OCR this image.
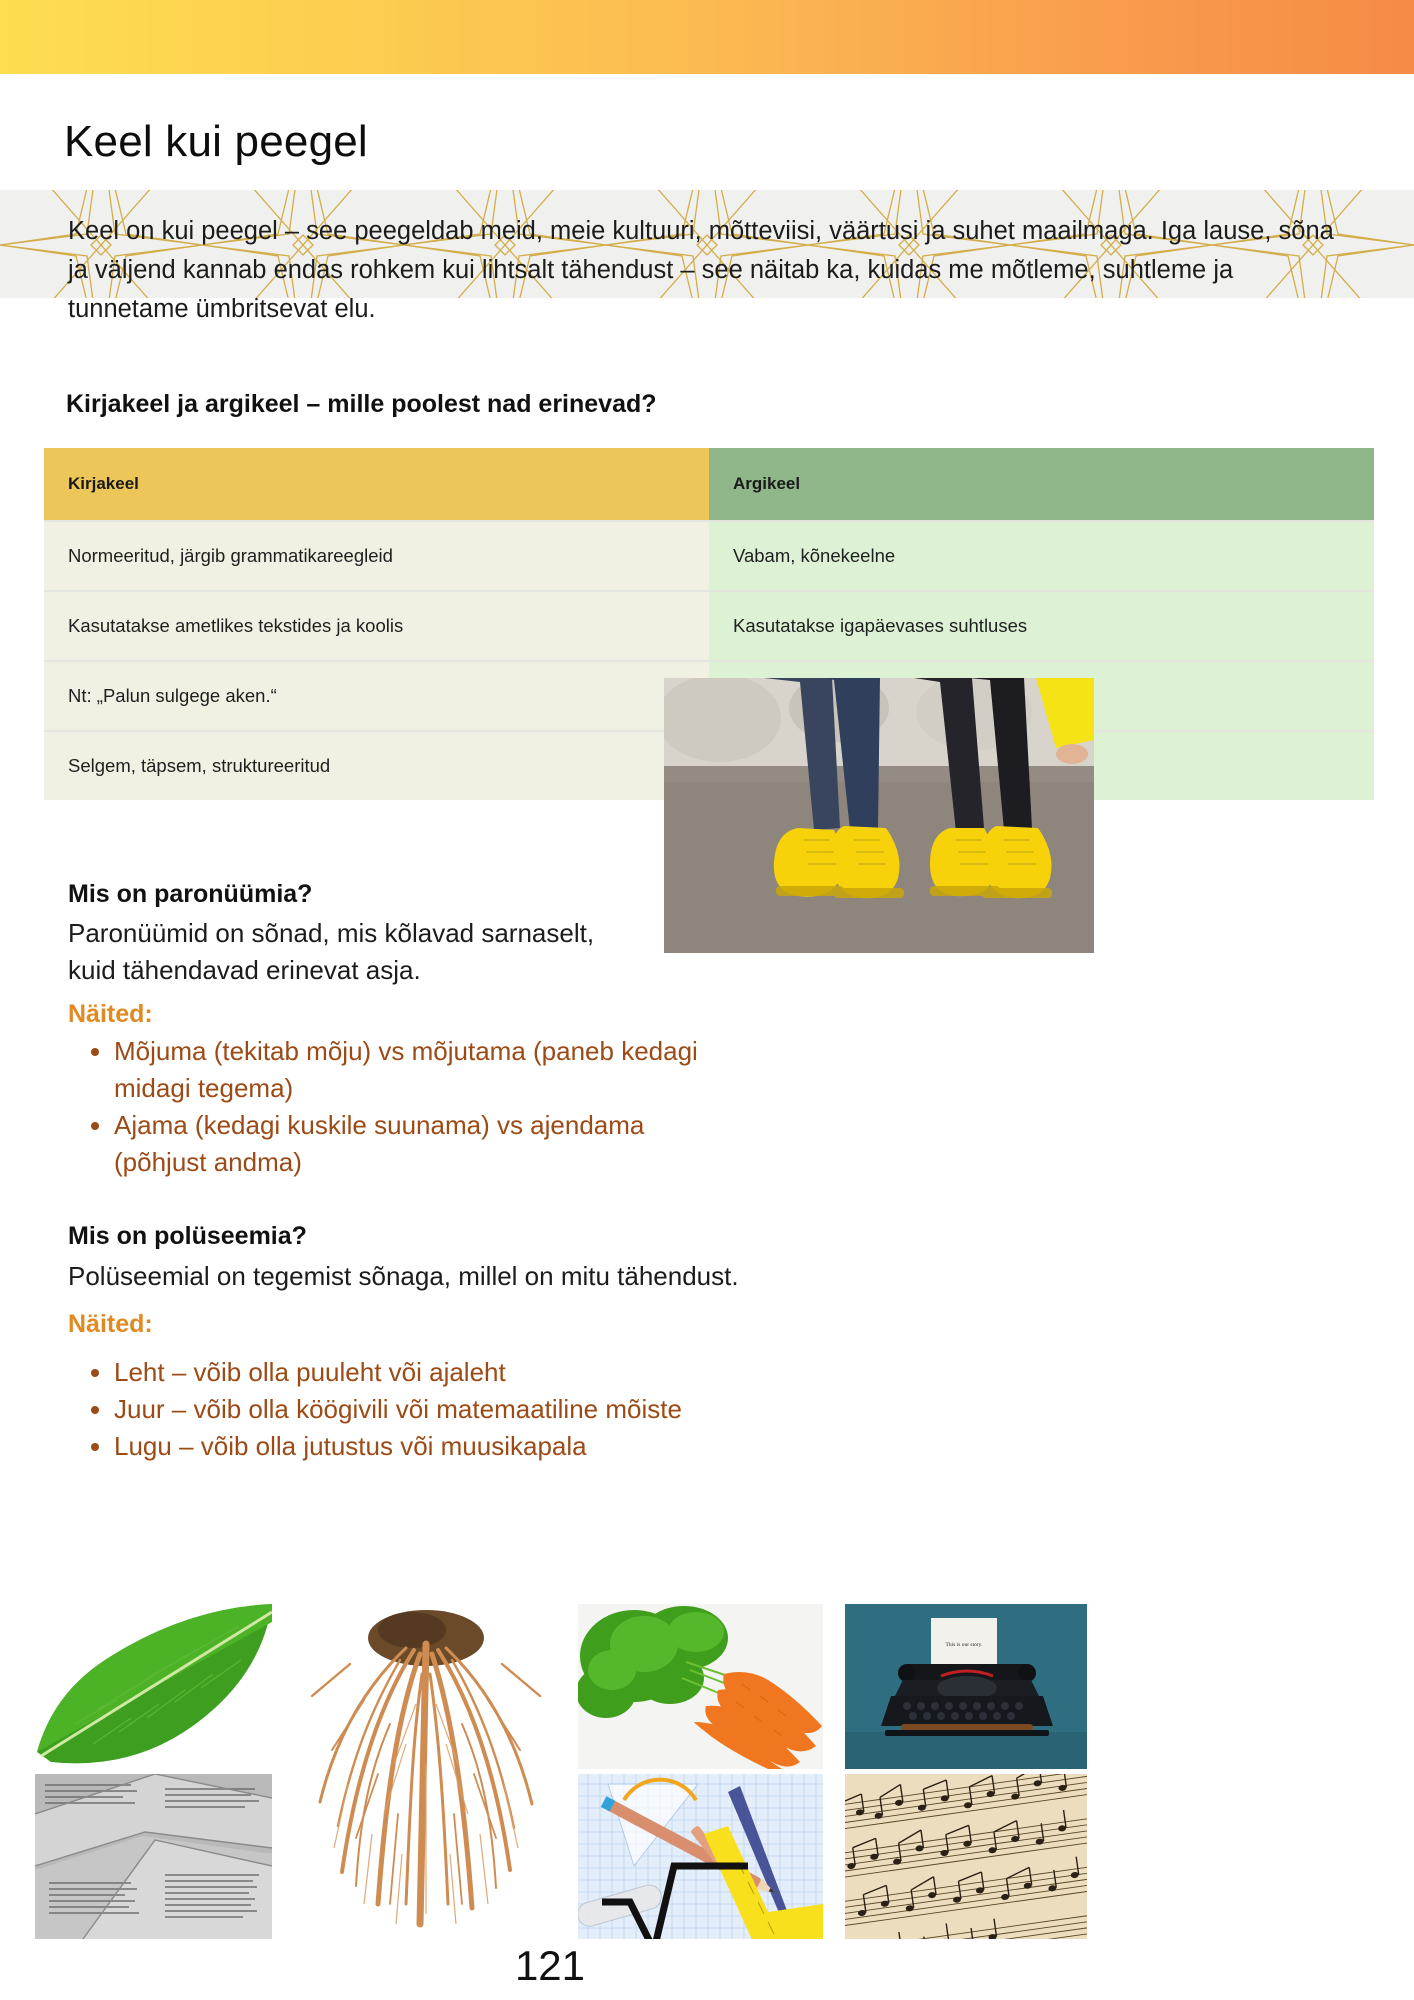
Keel kui peegel
Keel on kui peegel – see peegeldab meid, meie kultuuri, mõtteviisi, väärtusi ja suhet maailmaga. Iga lause, sõna ja väljend kannab endas rohkem kui lihtsalt tähendust – see näitab ka, kuidas me mõtleme, suhtleme ja tunnetame ümbritsevat elu.
Kirjakeel ja argikeel – mille poolest nad erinevad?
Kirjakeel	Argikeel
Normeeritud, järgib grammatikareegleid	Vabam, kõnekeelne
Kasutatakse ametlikes tekstides ja koolis	Kasutatakse igapäevases suhtluses
Nt: „Palun sulgege aken.“	
Selgem, täpsem, struktureeritud	
Mis on paronüümia?
Paronüümid on sõnad, mis kõlavad sarnaselt, kuid tähendavad erinevat asja.
Näited:
• Mõjuma (tekitab mõju) vs mõjutama (paneb kedagi midagi tegema)
• Ajama (kedagi kuskile suunama) vs ajendama (põhjust andma)
Mis on polüseemia?
Polüseemial on tegemist sõnaga, millel on mitu tähendust.
Näited:
• Leht – võib olla puuleht või ajaleht
• Juur – võib olla köögivili või matemaatiline mõiste
• Lugu – võib olla jutustus või muusikapala
This is our story.
121
